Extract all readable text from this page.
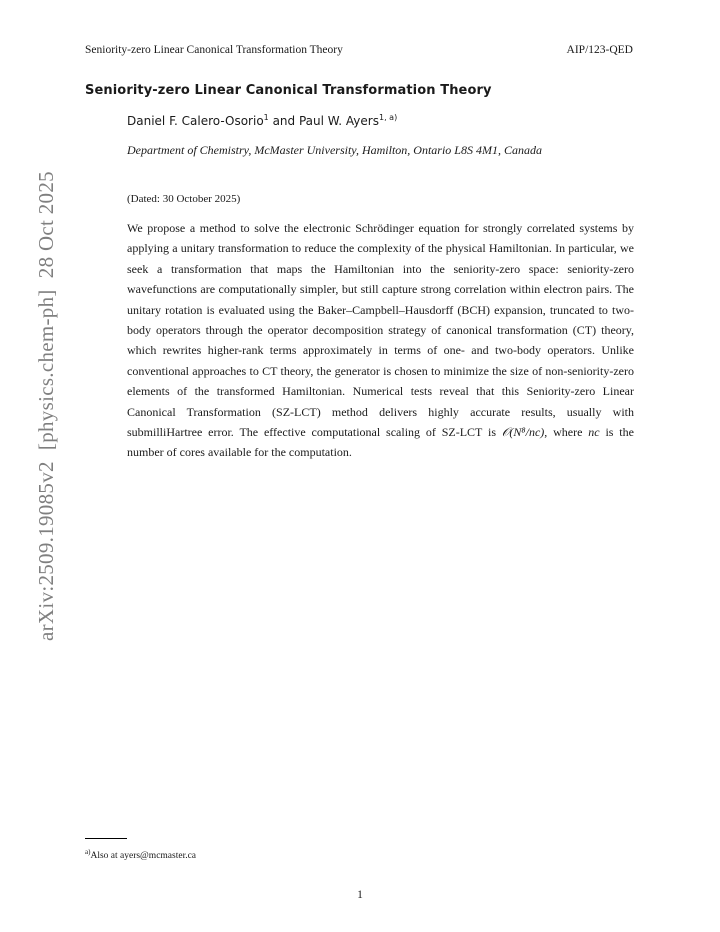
Seniority-zero Linear Canonical Transformation Theory	AIP/123-QED
Seniority-zero Linear Canonical Transformation Theory
Daniel F. Calero-Osorio$^1$ and Paul W. Ayers$^{1, a)}$
Department of Chemistry, McMaster University, Hamilton, Ontario L8S 4M1, Canada
(Dated: 30 October 2025)
We propose a method to solve the electronic Schrödinger equation for strongly correlated systems by applying a unitary transformation to reduce the complexity of the physical Hamiltonian. In particular, we seek a transformation that maps the Hamiltonian into the seniority-zero space: seniority-zero wavefunctions are computationally simpler, but still capture strong correlation within electron pairs. The unitary rotation is evaluated using the Baker–Campbell–Hausdorff (BCH) expansion, truncated to two-body operators through the operator decomposition strategy of canonical transformation (CT) theory, which rewrites higher-rank terms approximately in terms of one- and two-body operators. Unlike conventional approaches to CT theory, the generator is chosen to minimize the size of non-seniority-zero elements of the transformed Hamiltonian. Numerical tests reveal that this Seniority-zero Linear Canonical Transformation (SZ-LCT) method delivers highly accurate results, usually with submilliHartree error. The effective computational scaling of SZ-LCT is 𝒪(N⁸/nc), where nc is the number of cores available for the computation.
arXiv:2509.19085v2  [physics.chem-ph]  28 Oct 2025
$^{a)}$Also at ayers@mcmaster.ca
1
